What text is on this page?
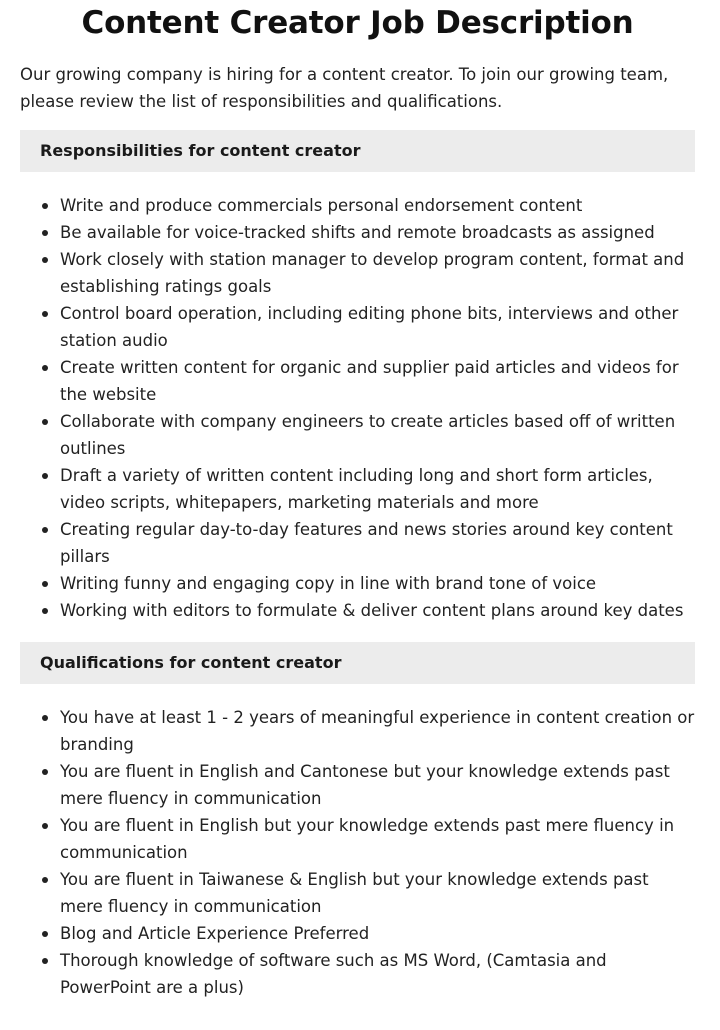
Content Creator Job Description

Our growing company is hiring for a content creator. To join our growing team, please review the list of responsibilities and qualifications.

Responsibilities for content creator
Write and produce commercials personal endorsement content
Be available for voice-tracked shifts and remote broadcasts as assigned
Work closely with station manager to develop program content, format and establishing ratings goals
Control board operation, including editing phone bits, interviews and other station audio
Create written content for organic and supplier paid articles and videos for the website
Collaborate with company engineers to create articles based off of written outlines
Draft a variety of written content including long and short form articles, video scripts, whitepapers, marketing materials and more
Creating regular day-to-day features and news stories around key content pillars
Writing funny and engaging copy in line with brand tone of voice
Working with editors to formulate & deliver content plans around key dates
Qualifications for content creator
You have at least 1 - 2 years of meaningful experience in content creation or branding
You are fluent in English and Cantonese but your knowledge extends past mere fluency in communication
You are fluent in English but your knowledge extends past mere fluency in communication
You are fluent in Taiwanese & English but your knowledge extends past mere fluency in communication
Blog and Article Experience Preferred
Thorough knowledge of software such as MS Word, (Camtasia and PowerPoint are a plus)
